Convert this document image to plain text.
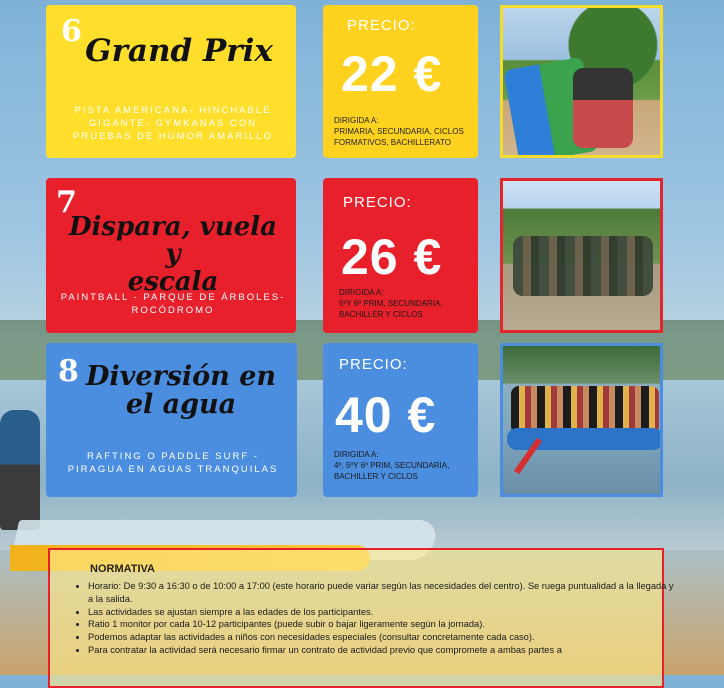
6
Grand Prix
PISTA AMERICANA- HINCHABLE
GIGANTE- GYMKANAS CON
PRUEBAS DE HUMOR AMARILLO
PRECIO:
22 €
DIRIGIDA A:
PRIMARIA, SECUNDARIA, CICLOS
FORMATIVOS, BACHILLERATO
7
Dispara, vuela y
escala
PAINTBALL - PARQUE DE ÁRBOLES-
ROCÓDROMO
PRECIO:
26 €
DIRIGIDA A:
5ºY 6º PRIM, SECUNDARIA,
BACHILLER Y CICLOS
8 Diversión en
el agua
RAFTING O PADDLE SURF -
PIRAGUA EN AGUAS TRANQUILAS
PRECIO:
40 €
DIRIGIDA A:
4º, 5ºY 6º PRIM, SECUNDARIA,
BACHILLER Y CICLOS
NORMATIVA
• Horario: De 9:30 a 16:30 o de 10:00 a 17:00 (este horario puede variar según las necesidades del centro). Se ruega puntualidad a la llegada y a la salida.
• Las actividades se ajustan siempre a las edades de los participantes.
• Ratio 1 monitor por cada 10-12 participantes (puede subir o bajar ligeramente según la jornada).
• Podemos adaptar las actividades a niños con necesidades especiales (consultar concretamente cada caso).
• Para contratar la actividad será necesario firmar un contrato de actividad previo que compromete a ambas partes a
